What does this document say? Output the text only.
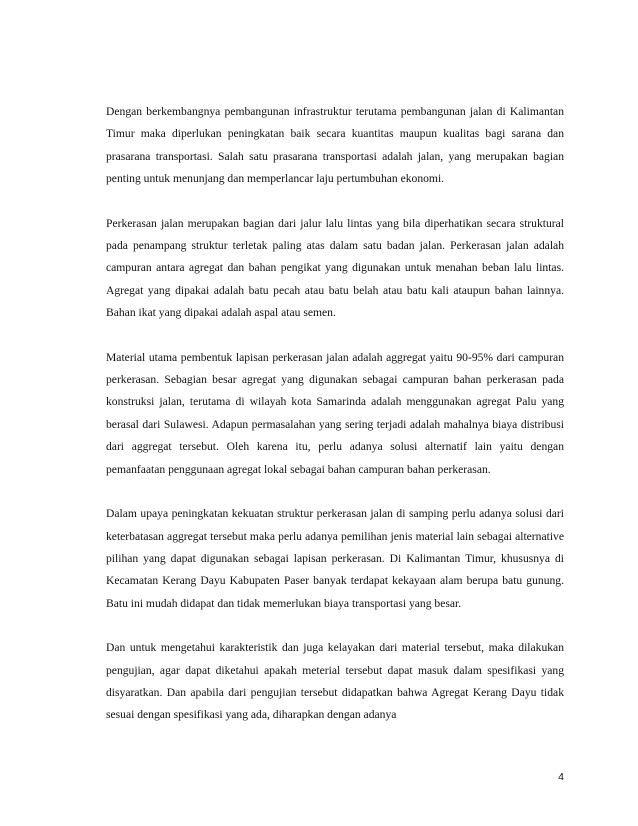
Dengan berkembangnya pembangunan infrastruktur terutama pembangunan jalan di Kalimantan Timur maka diperlukan peningkatan baik secara kuantitas maupun kualitas bagi sarana dan prasarana transportasi. Salah satu prasarana transportasi adalah jalan, yang merupakan bagian penting untuk menunjang dan memperlancar laju pertumbuhan ekonomi.

Perkerasan jalan merupakan bagian dari jalur lalu lintas yang bila diperhatikan secara struktural pada penampang struktur terletak paling atas dalam satu badan jalan. Perkerasan jalan adalah campuran antara agregat dan bahan pengikat yang digunakan untuk menahan beban lalu lintas. Agregat yang dipakai adalah batu pecah atau batu belah atau batu kali ataupun bahan lainnya. Bahan ikat yang dipakai adalah aspal atau semen.

Material utama pembentuk lapisan perkerasan jalan adalah aggregat yaitu 90-95% dari campuran perkerasan. Sebagian besar agregat yang digunakan sebagai campuran bahan perkerasan pada konstruksi jalan, terutama di wilayah kota Samarinda adalah menggunakan agregat Palu yang berasal dari Sulawesi. Adapun permasalahan yang sering terjadi adalah mahalnya biaya distribusi dari aggregat tersebut. Oleh karena itu, perlu adanya solusi alternatif lain yaitu dengan pemanfaatan penggunaan agregat lokal sebagai bahan campuran bahan perkerasan.

Dalam upaya peningkatan kekuatan struktur perkerasan jalan di samping perlu adanya solusi dari keterbatasan aggregat tersebut maka perlu adanya pemilihan jenis material lain sebagai alternative pilihan yang dapat digunakan sebagai lapisan perkerasan. Di Kalimantan Timur, khususnya di Kecamatan Kerang Dayu Kabupaten Paser banyak terdapat kekayaan alam berupa batu gunung. Batu ini mudah didapat dan tidak memerlukan biaya transportasi yang besar.

Dan untuk mengetahui karakteristik dan juga kelayakan dari material tersebut, maka dilakukan pengujian, agar dapat diketahui apakah meterial tersebut dapat masuk dalam spesifikasi yang disyaratkan. Dan apabila dari pengujian tersebut didapatkan bahwa Agregat Kerang Dayu tidak sesuai dengan spesifikasi yang ada, diharapkan dengan adanya

4
